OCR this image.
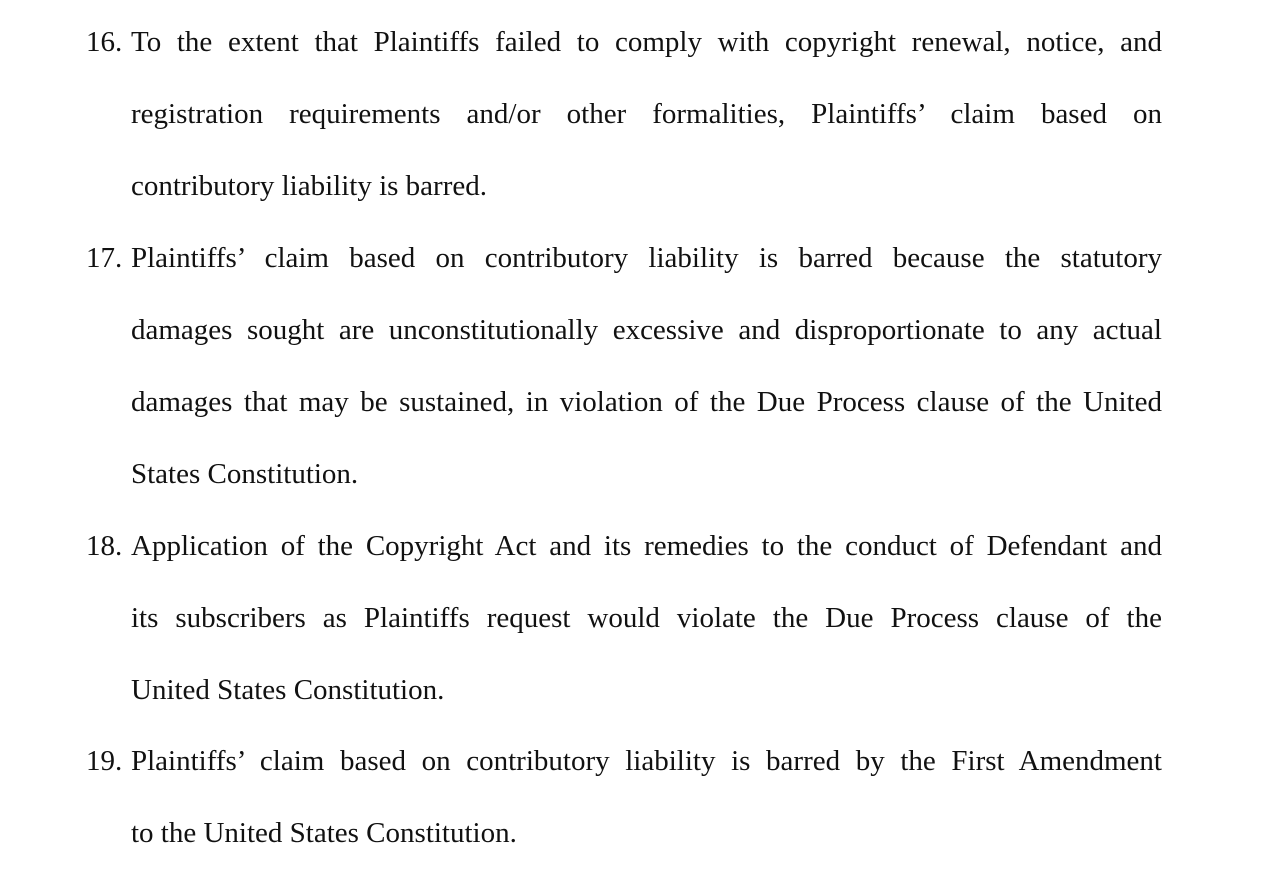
16. To the extent that Plaintiffs failed to comply with copyright renewal, notice, and
registration requirements and/or other formalities, Plaintiffs’ claim based on
contributory liability is barred.
17. Plaintiffs’ claim based on contributory liability is barred because the statutory
damages sought are unconstitutionally excessive and disproportionate to any actual
damages that may be sustained, in violation of the Due Process clause of the United
States Constitution.
18. Application of the Copyright Act and its remedies to the conduct of Defendant and
its subscribers as Plaintiffs request would violate the Due Process clause of the
United States Constitution.
19. Plaintiffs’ claim based on contributory liability is barred by the First Amendment
to the United States Constitution.
